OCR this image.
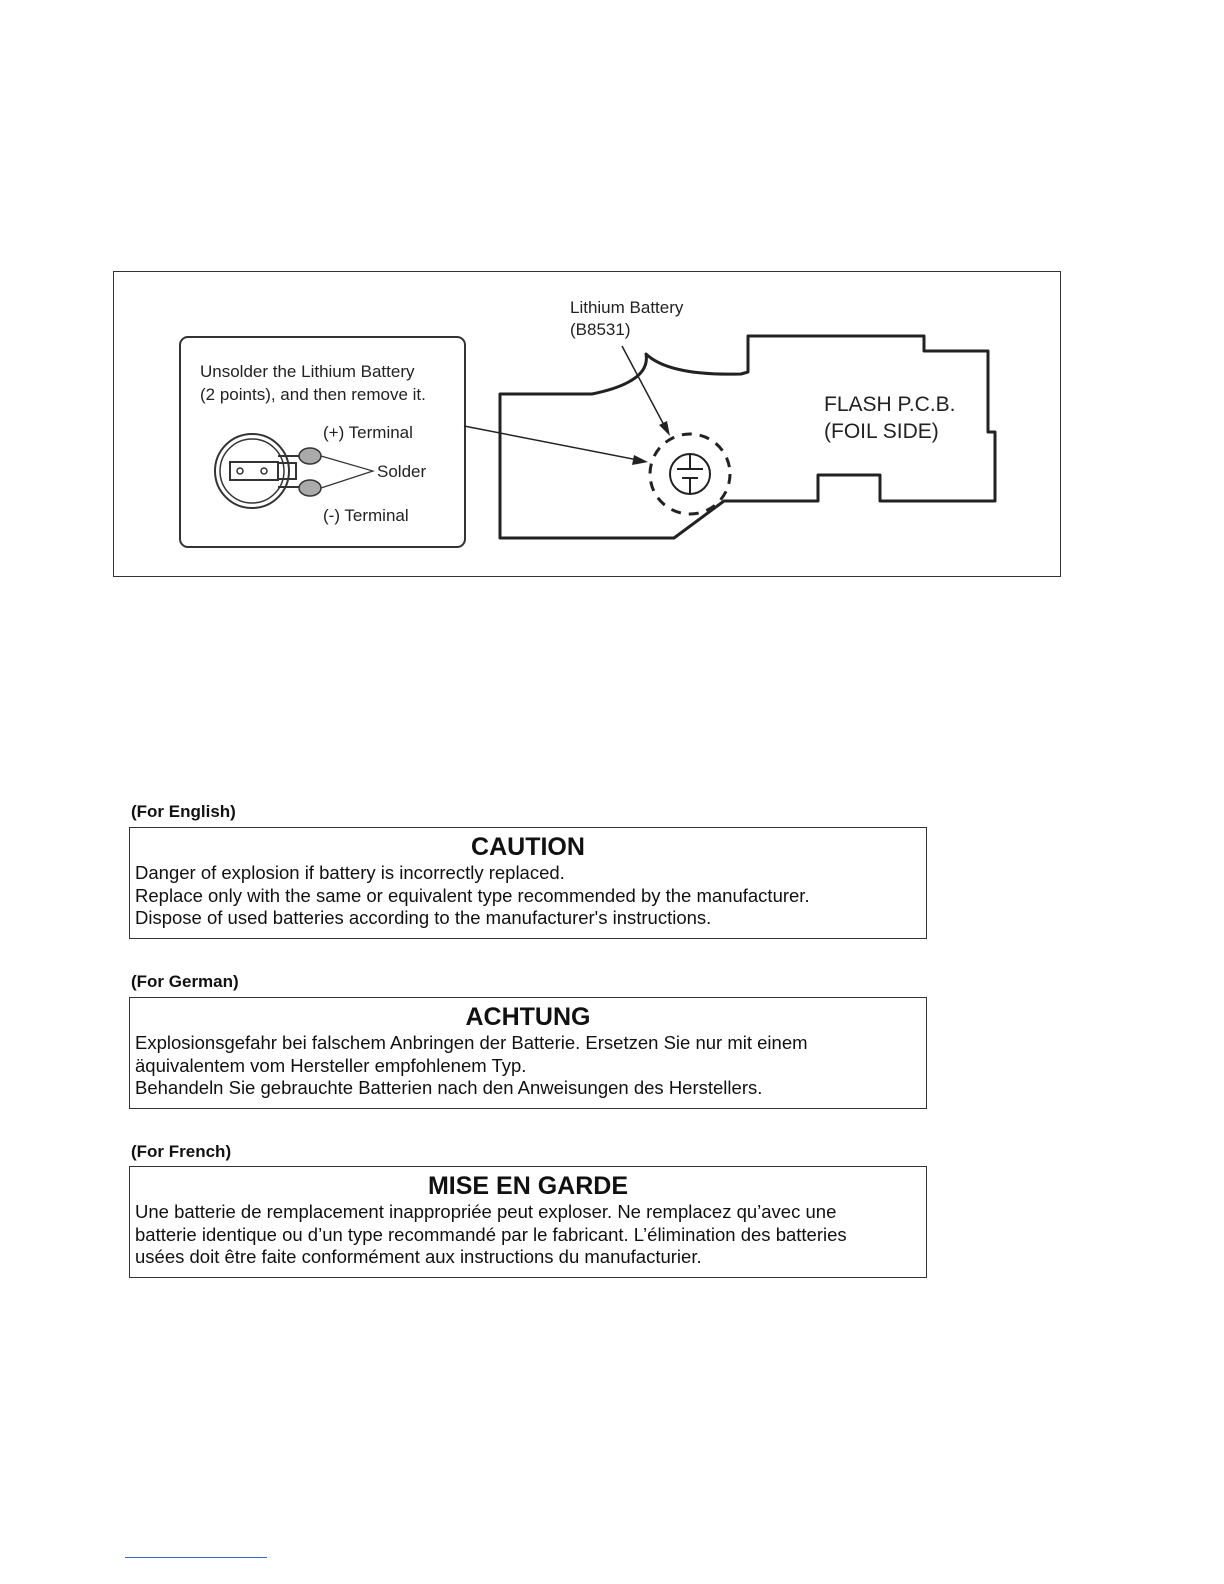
Unsolder the Lithium Battery
(2 points), and then remove it.
(+) Terminal
Solder
(-) Terminal
Lithium Battery
(B8531)
FLASH P.C.B.
(FOIL SIDE)
(For English)
CAUTION
Danger of explosion if battery is incorrectly replaced.
Replace only with the same or equivalent type recommended by the manufacturer.
Dispose of used batteries according to the manufacturer's instructions.
(For German)
ACHTUNG
Explosionsgefahr bei falschem Anbringen der Batterie. Ersetzen Sie nur mit einem
äquivalentem vom Hersteller empfohlenem Typ.
Behandeln Sie gebrauchte Batterien nach den Anweisungen des Herstellers.
(For French)
MISE EN GARDE
Une batterie de remplacement inappropriée peut exploser. Ne remplacez qu’avec une
batterie identique ou d’un type recommandé par le fabricant. L’élimination des batteries
usées doit être faite conformément aux instructions du manufacturier.
